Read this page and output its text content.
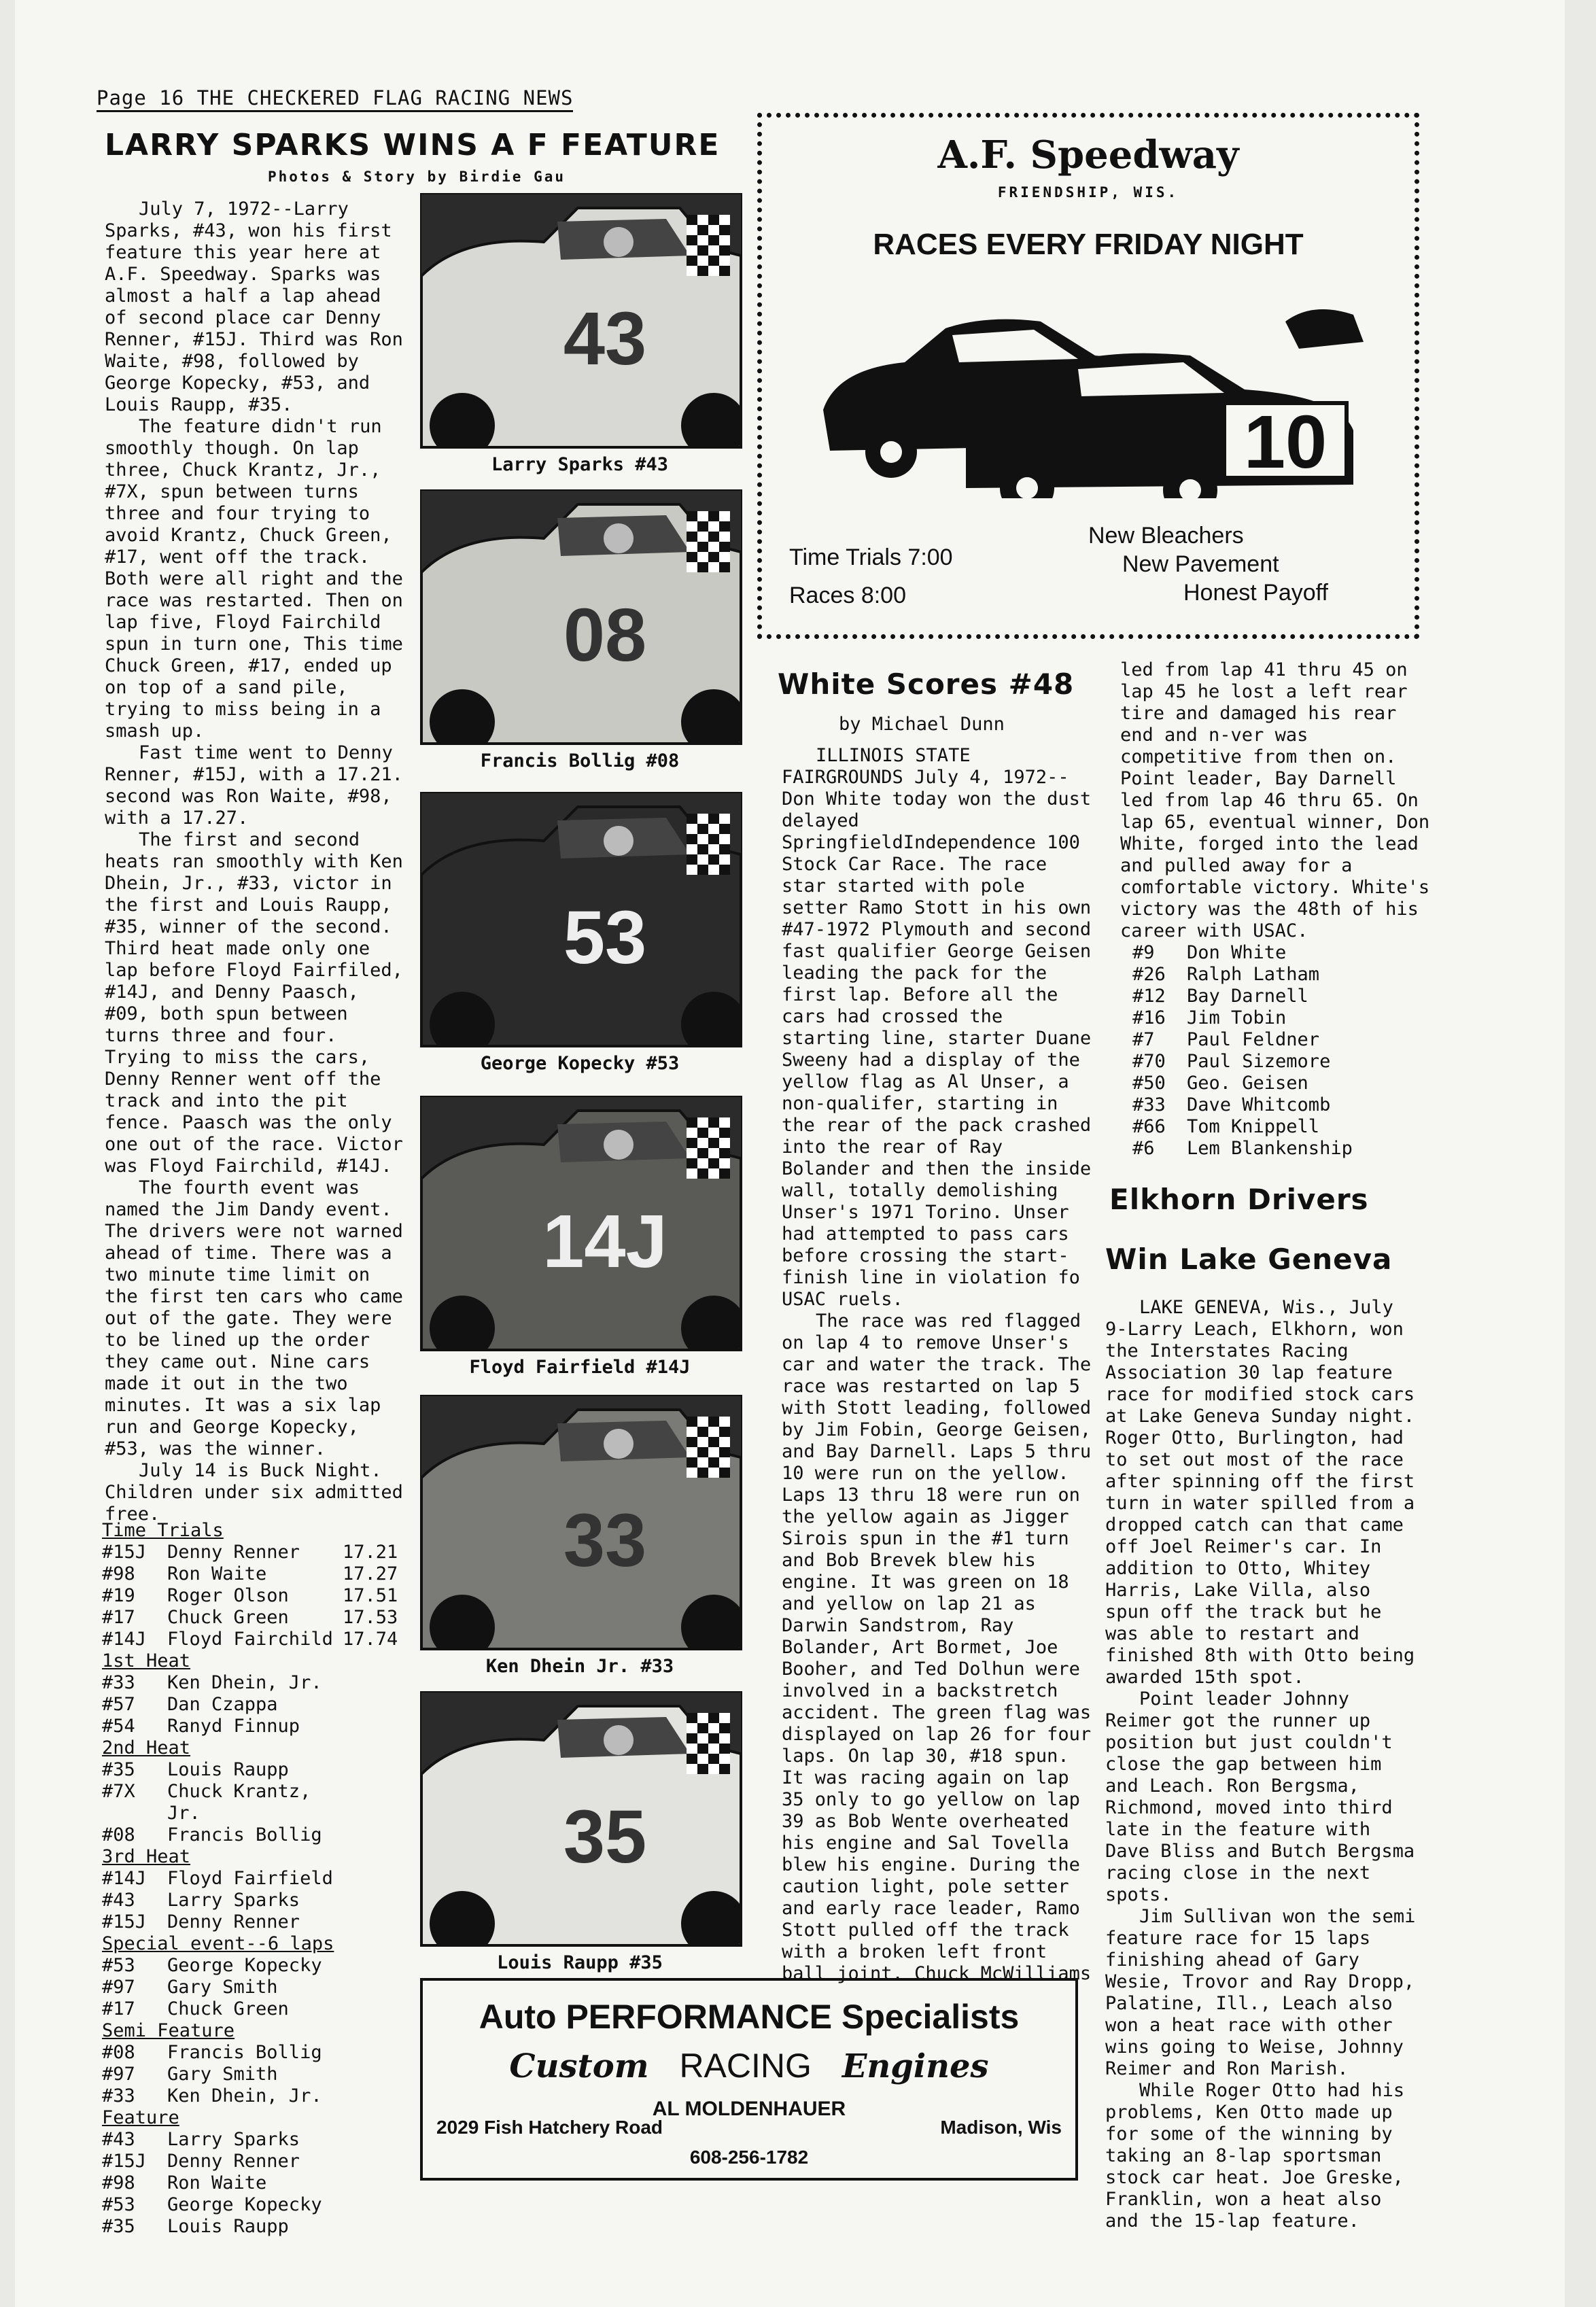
Page 16 THE CHECKERED FLAG RACING NEWS
LARRY SPARKS WINS A F FEATURE
Photos & Story by Birdie Gau

July 7, 1972--Larry Sparks, #43, won his first feature this year here at A.F. Speedway. Sparks was almost a half a lap ahead of second place car Denny Renner, #15J. Third was Ron Waite, #98, followed by George Kopecky, #53, and Louis Raupp, #35.

The feature didn't run smoothly though. On lap three, Chuck Krantz, Jr., #7X, spun between turns three and four trying to avoid Krantz, Chuck Green, #17, went off the track. Both were all right and the race was restarted. Then on lap five, Floyd Fairchild spun in turn one, This time Chuck Green, #17, ended up on top of a sand pile, trying to miss being in a smash up.

Fast time went to Denny Renner, #15J, with a 17.21. second was Ron Waite, #98, with a 17.27.

The first and second heats ran smoothly with Ken Dhein, Jr., #33, victor in the first and Louis Raupp, #35, winner of the second. Third heat made only one lap before Floyd Fairfiled, #14J, and Denny Paasch, #09, both spun between turns three and four. Trying to miss the cars, Denny Renner went off the track and into the pit fence. Paasch was the only one out of the race. Victor was Floyd Fairchild, #14J.

The fourth event was named the Jim Dandy event. The drivers were not warned ahead of time. There was a two minute time limit on the first ten cars who came out of the gate. They were to be lined up the order they came out. Nine cars made it out in the two minutes. It was a six lap run and George Kopecky, #53, was the winner.

July 14 is Buck Night. Children under six admitted free.

Time Trials
#15J	Denny Renner	17.21
#98	Ron Waite	17.27
#19	Roger Olson	17.51
#17	Chuck Green	17.53
#14J	Floyd Fairchild 17.74
1st Heat
#33	Ken Dhein, Jr.
#57	Dan Czappa
#54	Ranyd Finnup
2nd Heat
#35	Louis Raupp
#7X	Chuck Krantz, Jr.
#08	Francis Bollig
3rd Heat
#14J	Floyd Fairfield
#43	Larry Sparks
#15J	Denny Renner
Special event--6 laps
#53	George Kopecky
#97	Gary Smith
#17	Chuck Green
Semi Feature
#08	Francis Bollig
#97	Gary Smith
#33	Ken Dhein, Jr.
Feature
#43	Larry Sparks
#15J	Denny Renner
#98	Ron Waite
#53	George Kopecky
#35	Louis Raupp
43
Larry Sparks #43
08
Francis Bollig #08
53
George Kopecky #53
14J
Floyd Fairfield #14J
33
Ken Dhein Jr. #33
35
Louis Raupp #35
A.F. Speedway
FRIENDSHIP, WIS.
RACES EVERY FRIDAY NIGHT
10
Time Trials 7:00
Races 8:00
New Bleachers
New Pavement
Honest Payoff
White Scores #48
by Michael Dunn

ILLINOIS STATE FAIRGROUNDS July 4, 1972--Don White today won the dust delayed SpringfieldIndependence 100 Stock Car Race. The race star started with pole setter Ramo Stott in his own #47-1972 Plymouth and second fast qualifier George Geisen leading the pack for the first lap. Before all the cars had crossed the starting line, starter Duane Sweeny had a display of the yellow flag as Al Unser, a non-qualifer, starting in the rear of the pack crashed into the rear of Ray Bolander and then the inside wall, totally demolishing Unser's 1971 Torino. Unser had attempted to pass cars before crossing the start-finish line in violation fo USAC ruels.

The race was red flagged on lap 4 to remove Unser's car and water the track. The race was restarted on lap 5 with Stott leading, followed by Jim Fobin, George Geisen, and Bay Darnell. Laps 5 thru 10 were run on the yellow. Laps 13 thru 18 were run on the yellow again as Jigger Sirois spun in the #1 turn and Bob Brevek blew his engine. It was green on 18 and yellow on lap 21 as Darwin Sandstrom, Ray Bolander, Art Bormet, Joe Booher, and Ted Dolhun were involved in a backstretch accident. The green flag was displayed on lap 26 for four laps. On lap 30, #18 spun. It was racing again on lap 35 only to go yellow on lap 39 as Bob Wente overheated his engine and Sal Tovella blew his engine. During the caution light, pole setter and early race leader, Ramo Stott pulled off the track with a broken left front ball joint. Chuck McWilliams

led from lap 41 thru 45 on lap 45 he lost a left rear tire and damaged his rear end and n-ver was competitive from then on. Point leader, Bay Darnell led from lap 46 thru 65. On lap 65, eventual winner, Don White, forged into the lead and pulled away for a comfortable victory. White's victory was the 48th of his career with USAC.

#9	Don White
#26	Ralph Latham
#12	Bay Darnell
#16	Jim Tobin
#7	Paul Feldner
#70	Paul Sizemore
#50	Geo. Geisen
#33	Dave Whitcomb
#66	Tom Knippell
#6	Lem Blankenship
Elkhorn Drivers
Win Lake Geneva

LAKE GENEVA, Wis., July 9-Larry Leach, Elkhorn, won the Interstates Racing Association 30 lap feature race for modified stock cars at Lake Geneva Sunday night. Roger Otto, Burlington, had to set out most of the race after spinning off the first turn in water spilled from a dropped catch can that came off Joel Reimer's car. In addition to Otto, Whitey Harris, Lake Villa, also spun off the track but he was able to restart and finished 8th with Otto being awarded 15th spot.

Point leader Johnny Reimer got the runner up position but just couldn't close the gap between him and Leach. Ron Bergsma, Richmond, moved into third late in the feature with Dave Bliss and Butch Bergsma racing close in the next spots.

Jim Sullivan won the semi feature race for 15 laps finishing ahead of Gary Wesie, Trovor and Ray Dropp, Palatine, Ill., Leach also won a heat race with other wins going to Weise, Johnny Reimer and Ron Marish.

While Roger Otto had his problems, Ken Otto made up for some of the winning by taking an 8-lap sportsman stock car heat. Joe Greske, Franklin, won a heat also and the 15-lap feature.

Auto PERFORMANCE Specialists
Custom RACING Engines
AL MOLDENHAUER
2029 Fish Hatchery Road	Madison, Wis
608-256-1782
